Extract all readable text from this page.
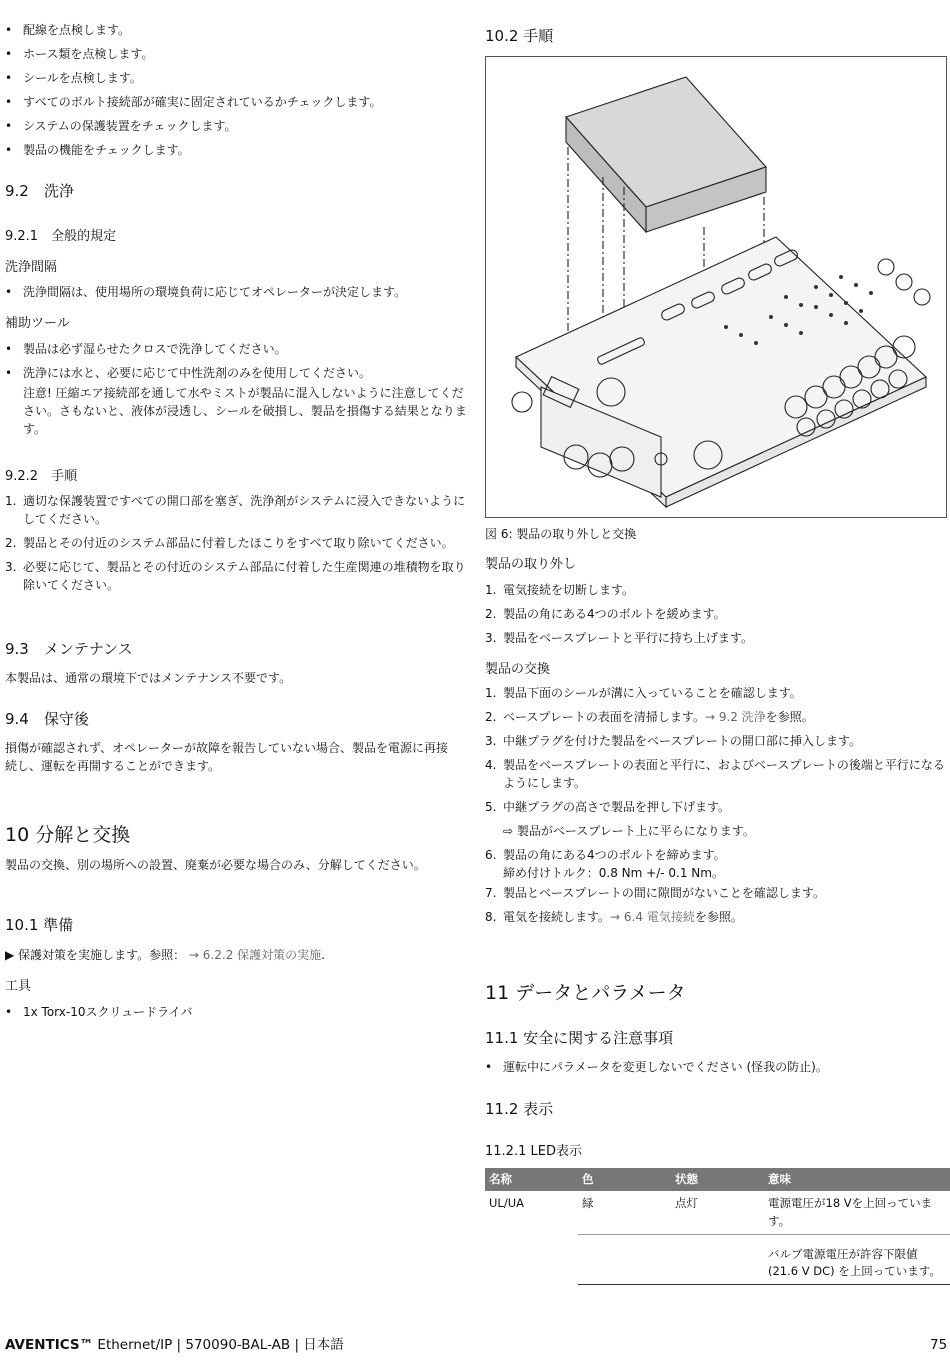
• 配線を点検します。
• ホース類を点検します。
• シールを点検します。
• すべてのボルト接続部が確実に固定されているかチェックします。
• システムの保護装置をチェックします。
• 製品の機能をチェックします。
9.2　洗浄
9.2.1　全般的規定
洗浄間隔
• 洗浄間隔は、使用場所の環境負荷に応じてオペレーターが決定します。
補助ツール
• 製品は必ず湿らせたクロスで洗浄してください。
• 洗浄には水と、必要に応じて中性洗剤のみを使用してください。

注意! 圧縮エア接続部を通して水やミストが製品に混入しないように注意してください。さもないと、液体が浸透し、シールを破損し、製品を損傷する結果となります。

9.2.2　手順
1. 適切な保護装置ですべての開口部を塞ぎ、洗浄剤がシステムに浸入できないようにしてください。
2. 製品とその付近のシステム部品に付着したほこりをすべて取り除いてください。
3. 必要に応じて、製品とその付近のシステム部品に付着した生産関連の堆積物を取り除いてください。
9.3　メンテナンス
本製品は、通常の環境下ではメンテナンス不要です。
9.4　保守後
損傷が確認されず、オペレーターが故障を報告していない場合、製品を電源に再接続し、運転を再開することができます。
10 分解と交換
製品の交換、別の場所への設置、廃棄が必要な場合のみ、分解してください。
10.1 準備
▶ 保護対策を実施します。参照： → 6.2.2 保護対策の実施.
工具
• 1x Torx-10スクリュードライバ
10.2 手順
図 6: 製品の取り外しと交換
製品の取り外し
1. 電気接続を切断します。
2. 製品の角にある4つのボルトを緩めます。
3. 製品をベースプレートと平行に持ち上げます。
製品の交換
1. 製品下面のシールが溝に入っていることを確認します。
2. ベースプレートの表面を清掃します。→ 9.2 洗浄を参照。
3. 中継プラグを付けた製品をベースプレートの開口部に挿入します。
4. 製品をベースプレートの表面と平行に、およびベースプレートの後端と平行になるようにします。
5. 中継プラグの高さで製品を押し下げます。
⇨ 製品がベースプレート上に平らになります。
6. 製品の角にある4つのボルトを締めます。
締め付けトルク：0.8 Nm +/- 0.1 Nm。
7. 製品とベースプレートの間に隙間がないことを確認します。
8. 電気を接続します。→ 6.4 電気接続を参照。
11 データとパラメータ
11.1 安全に関する注意事項
• 運転中にパラメータを変更しないでください (怪我の防止)。
11.2 表示
11.2.1 LED表示
名称	色	状態	意味
UL/UA	緑	点灯	電源電圧が18 Vを上回っています。

			バルブ電源電圧が許容下限値(21.6 V DC) を上回っています。
AVENTICS™ Ethernet/IP | 570090-BAL-AB | 日本語	75
